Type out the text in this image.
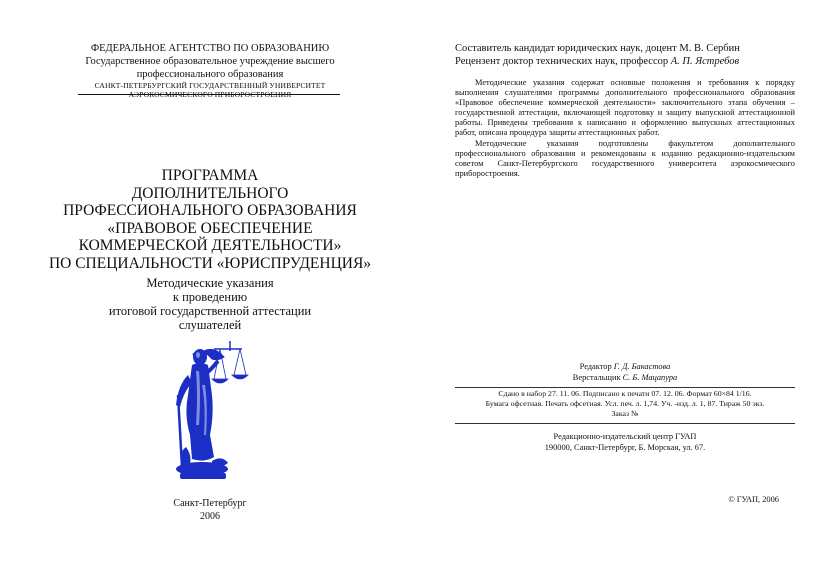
ФЕДЕРАЛЬНОЕ АГЕНТСТВО ПО ОБРАЗОВАНИЮ
Государственное образовательное учреждение высшего
профессионального образования
САНКТ-ПЕТЕРБУРГСКИЙ ГОСУДАРСТВЕННЫЙ УНИВЕРСИТЕТ
АЭРОКОСМИЧЕСКОГО ПРИБОРОСТРОЕНИЯ
ПРОГРАММА
ДОПОЛНИТЕЛЬНОГО
ПРОФЕССИОНАЛЬНОГО ОБРАЗОВАНИЯ
«ПРАВОВОЕ ОБЕСПЕЧЕНИЕ
КОММЕРЧЕСКОЙ ДЕЯТЕЛЬНОСТИ»
ПО СПЕЦИАЛЬНОСТИ «ЮРИСПРУДЕНЦИЯ»
Методические указания
к проведению
итоговой государственной аттестации
слушателей
Санкт-Петербург
2006
Составитель кандидат юридических наук, доцент М. В. Сербин
Рецензент доктор технических наук, профессор А. П. Ястребов

Методические указания содержат основные положения и требования к порядку выполнения слушателями программы дополнительного профессионального образования «Правовое обеспечение коммерческой деятельности» заключительного этапа обучения – государственной аттестации, включающей подготовку и защиту выпускной аттестационной работы. Приведены требования к написанию и оформлению выпускных аттестационных работ, описана процедура защиты аттестационных работ.

Методические указания подготовлены факультетом дополнительного профессионального образования и рекомендованы к изданию редакционно-издательским советом Санкт-Петербургского государственного университета аэрокосмического приборостроения.

Редактор Г. Д. Бакастова
Верстальщик С. Б. Мацапура
Сдано в набор 27. 11. 06. Подписано к печати 07. 12. 06. Формат 60×84 1/16.
Бумага офсетная. Печать офсетная. Усл. печ. л. 1,74. Уч. -изд. л. 1, 87. Тираж 50 экз.
Заказ №
Редакционно-издательский центр ГУАП
190000, Санкт-Петербург, Б. Морская, ул. 67.
© ГУАП, 2006
